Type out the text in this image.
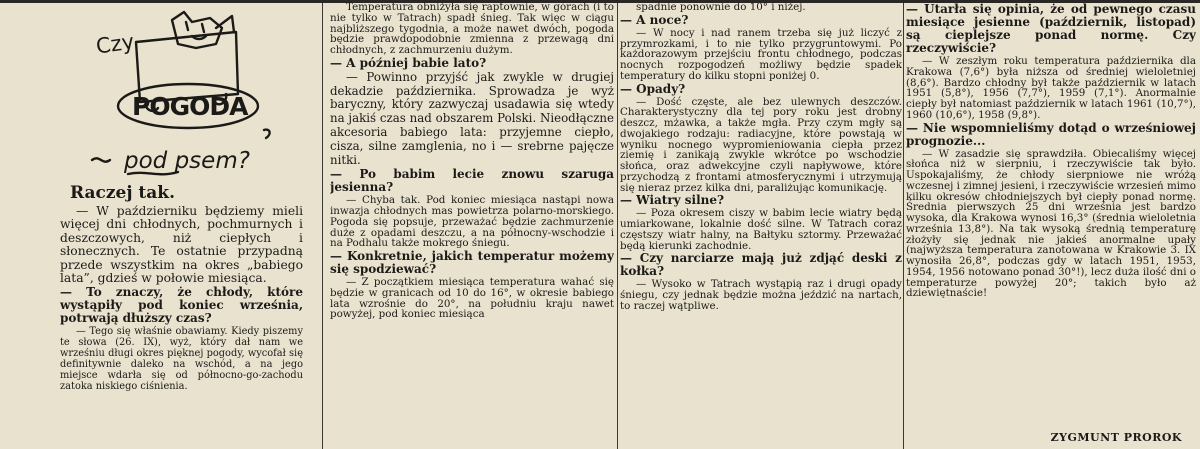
Czy
POGODA
pod psem?

Raczej tak.

— W październiku będziemy mieli więcej dni chłodnych, pochmurnych i deszczowych, niż ciepłych i słonecznych. Te ostatnie przypadną przede wszystkim na okres „babiego lata”, gdzieś w połowie miesiąca.

— To znaczy, że chłody, które wystąpiły pod koniec września, potrwają dłuższy czas?

— Tego się właśnie obawiamy. Kiedy piszemy te słowa (26. IX), wyż, który dał nam we wrześniu długi okres pięknej pogody, wycofał się definitywnie daleko na wschód, a na jego miejsce wdarła się od północno-go-zachodu zatoka niskiego ciśnienia.

Temperatura obniżyła się raptownie, w górach (i to nie tylko w Tatrach) spadł śnieg. Tak więc w ciągu najbliższego tygodnia, a może nawet dwóch, pogoda będzie prawdopodobnie zmienna z przewagą dni chłodnych, z zachmurzeniu dużym.

— A później babie lato?

— Powinno przyjść jak zwykle w drugiej dekadzie października. Sprowadza je wyż baryczny, który zazwyczaj usadawia się wtedy na jakiś czas nad obszarem Polski. Nieodłączne akcesoria babiego lata: przyjemne ciepło, cisza, silne zamglenia, no i — srebrne pajęcze nitki.

— Po babim lecie znowu szaruga jesienna?

— Chyba tak. Pod koniec miesiąca nastąpi nowa inwazja chłodnych mas powietrza polarno-morskiego. Pogoda się popsuje, przeważać będzie zachmurzenie duże z opadami deszczu, a na północny-wschodzie i na Podhalu także mokrego śniegu.

— Konkretnie, jakich temperatur możemy się spodziewać?

— Z początkiem miesiąca temperatura wahać się będzie w granicach od 10 do 16°, w okresie babiego lata wzrośnie do 20°, na południu kraju nawet powyżej, pod koniec miesiąca

spadnie ponownie do 10° i niżej.

— A noce?

— W nocy i nad ranem trzeba się już liczyć z przymrozkami, i to nie tylko przygruntowymi. Po każdorazowym przejściu frontu chłodnego, podczas nocnych rozpogodzeń możliwy będzie spadek temperatury do kilku stopni poniżej 0.

— Opady?

— Dość częste, ale bez ulewnych deszczów. Charakterystyczny dla tej pory roku jest drobny deszcz, mżawka, a także mgła. Przy czym mgły są dwojakiego rodzaju: radiacyjne, które powstają w wyniku nocnego wypromieniowania ciepła przez ziemię i zanikają zwykle wkrótce po wschodzie słońca, oraz adwekcyjne czyli napływowe, które przychodzą z frontami atmosferycznymi i utrzymują się nieraz przez kilka dni, paraliżując komunikację.

— Wiatry silne?

— Poza okresem ciszy w babim lecie wiatry będą umiarkowane, lokalnie dość silne. W Tatrach coraz częstszy wiatr halny, na Bałtyku sztormy. Przeważać będą kierunki zachodnie.

— Czy narciarze mają już zdjąć deski z kołka?

— Wysoko w Tatrach wystąpią raz i drugi opady śniegu, czy jednak będzie można jeździć na nartach, to raczej wątpliwe.

— Utarła się opinia, że od pewnego czasu miesiące jesienne (październik, listopad) są cieplejsze ponad normę. Czy rzeczywiście?

— W zeszłym roku temperatura października dla Krakowa (7,6°) była niższa od średniej wieloletniej (8,6°). Bardzo chłodny był także październik w latach 1951 (5,8°), 1956 (7,7°), 1959 (7,1°). Anormalnie ciepły był natomiast październik w latach 1961 (10,7°), 1960 (10,6°), 1958 (9,8°).

— Nie wspomnieliśmy dotąd o wrześniowej prognozie...

— W zasadzie się sprawdziła. Obiecaliśmy więcej słońca niż w sierpniu, i rzeczywiście tak było. Uspokajaliśmy, że chłody sierpniowe nie wróżą wczesnej i zimnej jesieni, i rzeczywiście wrzesień mimo kilku okresów chłodniejszych był ciepły ponad normę. Średnia pierwszych 25 dni września jest bardzo wysoka, dla Krakowa wynosi 16,3° (średnia wieloletnia września 13,8°). Na tak wysoką średnią temperaturę złożyły się jednak nie jakieś anormalne upały (najwyższa temperatura zanotowana w Krakowie 3. IX wynosiła 26,8°, podczas gdy w latach 1951, 1953, 1954, 1956 notowano ponad 30°!), lecz duża ilość dni o temperaturze powyżej 20°; takich było aż dziewiętnaście!

ZYGMUNT PROROK
